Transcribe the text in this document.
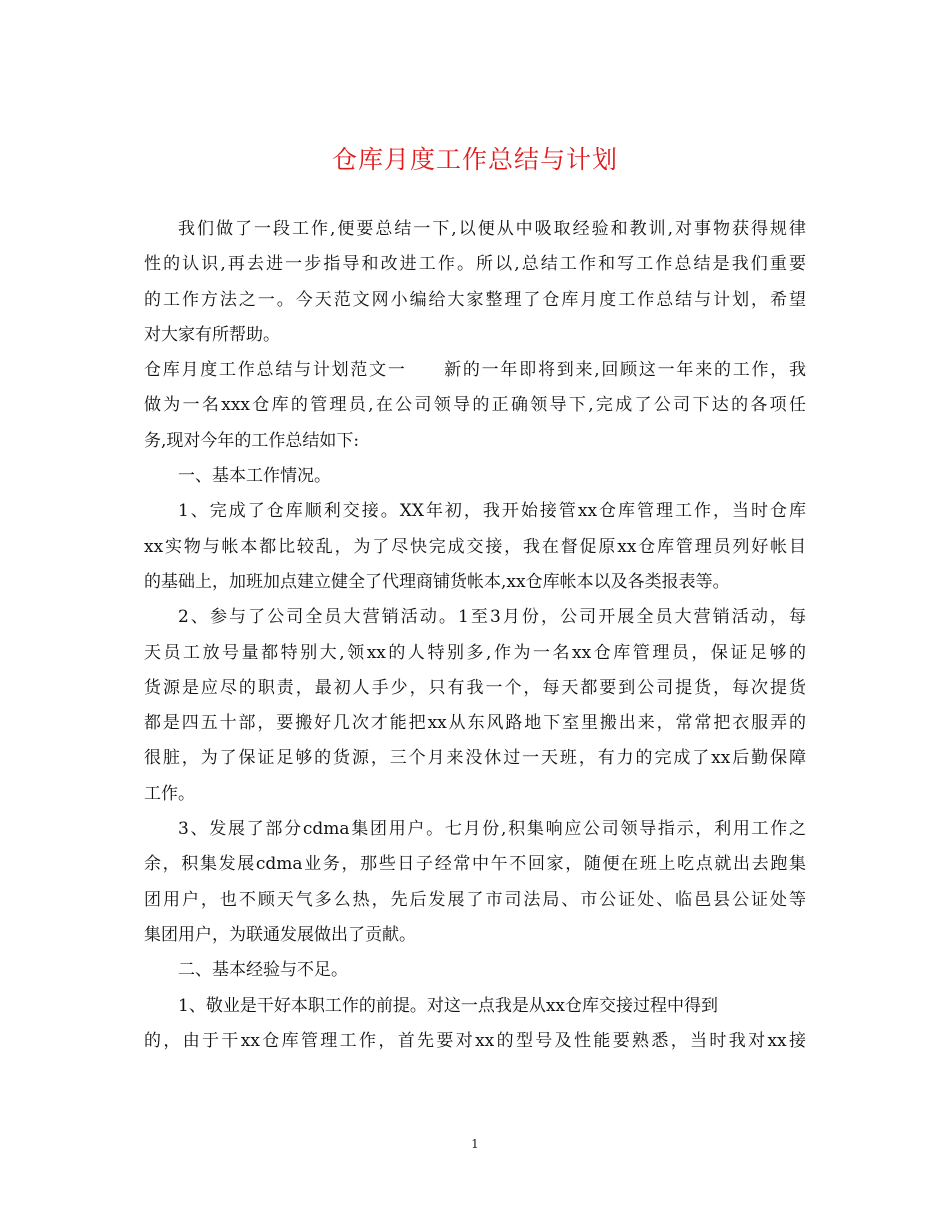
仓库月度工作总结与计划
我们做了一段工作,便要总结一下,以便从中吸取经验和教训,对事物获得规律
性的认识,再去进一步指导和改进工作。所以,总结工作和写工作总结是我们重要
的工作方法之一。今天范文网小编给大家整理了仓库月度工作总结与计划，希望
对大家有所帮助。
仓库月度工作总结与计划范文一　　新的一年即将到来,回顾这一年来的工作，我
做为一名xxx仓库的管理员,在公司领导的正确领导下,完成了公司下达的各项任
务,现对今年的工作总结如下:
一、基本工作情况。
1、完成了仓库顺利交接。XX年初，我开始接管xx仓库管理工作，当时仓库
xx实物与帐本都比较乱，为了尽快完成交接，我在督促原xx仓库管理员列好帐目
的基础上，加班加点建立健全了代理商铺货帐本,xx仓库帐本以及各类报表等。
2、参与了公司全员大营销活动。1至3月份，公司开展全员大营销活动，每
天员工放号量都特别大,领xx的人特别多,作为一名xx仓库管理员，保证足够的
货源是应尽的职责，最初人手少，只有我一个，每天都要到公司提货，每次提货
都是四五十部，要搬好几次才能把xx从东风路地下室里搬出来，常常把衣服弄的
很脏，为了保证足够的货源，三个月来没休过一天班，有力的完成了xx后勤保障
工作。
3、发展了部分cdma集团用户。七月份,积集响应公司领导指示，利用工作之
余，积集发展cdma业务，那些日子经常中午不回家，随便在班上吃点就出去跑集
团用户，也不顾天气多么热，先后发展了市司法局、市公证处、临邑县公证处等
集团用户，为联通发展做出了贡献。
二、基本经验与不足。
1、敬业是干好本职工作的前提。对这一点我是从xx仓库交接过程中得到
的，由于干xx仓库管理工作，首先要对xx的型号及性能要熟悉，当时我对xx接
1
